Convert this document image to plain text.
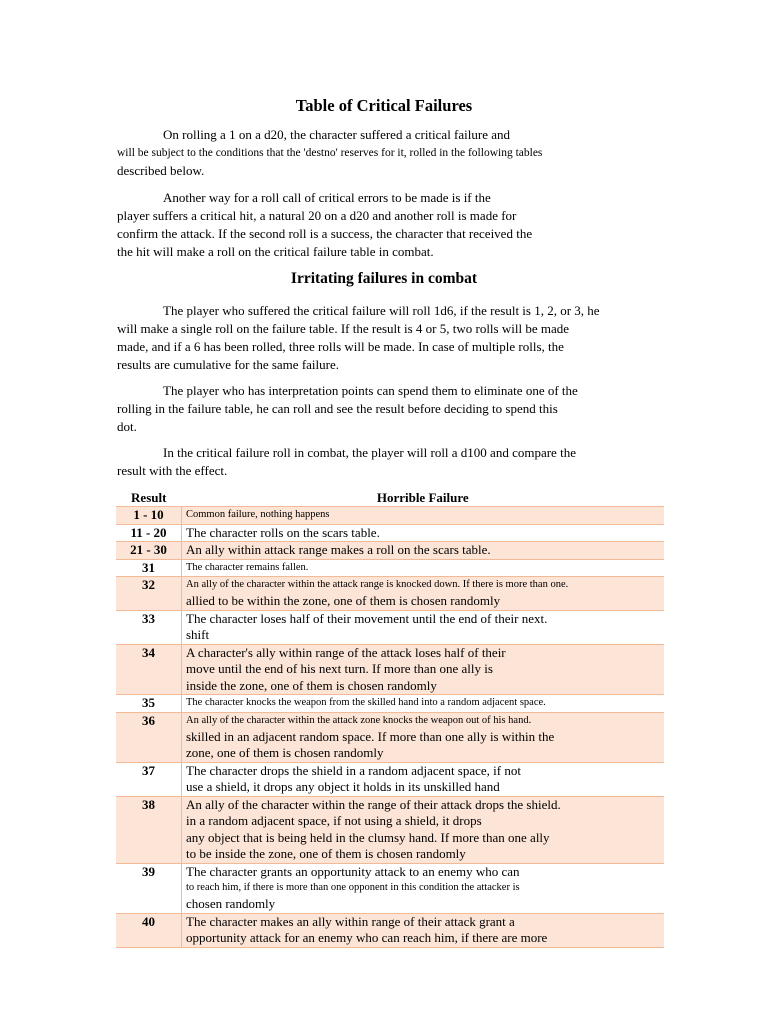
Table of Critical Failures

On rolling a 1 on a d20, the character suffered a critical failure and

will be subject to the conditions that the 'destno' reserves for it, rolled in the following tables

described below.

Another way for a roll call of critical errors to be made is if the

player suffers a critical hit, a natural 20 on a d20 and another roll is made for

confirm the attack. If the second roll is a success, the character that received the

the hit will make a roll on the critical failure table in combat.

Irritating failures in combat

The player who suffered the critical failure will roll 1d6, if the result is 1, 2, or 3, he

will make a single roll on the failure table. If the result is 4 or 5, two rolls will be made

made, and if a 6 has been rolled, three rolls will be made. In case of multiple rolls, the

results are cumulative for the same failure.

The player who has interpretation points can spend them to eliminate one of the

rolling in the failure table, he can roll and see the result before deciding to spend this

dot.

In the critical failure roll in combat, the player will roll a d100 and compare the

result with the effect.

Result	Horrible Failure
1 - 10	Common failure, nothing happens

11 - 20	The character rolls on the scars table.

21 - 30	An ally within attack range makes a roll on the scars table.

31	The character remains fallen.

32	An ally of the character within the attack range is knocked down. If there is more than one.
allied to be within the zone, one of them is chosen randomly

33	The character loses half of their movement until the end of their next.
shift

34	A character's ally within range of the attack loses half of their
move until the end of his next turn. If more than one ally is
inside the zone, one of them is chosen randomly

35	The character knocks the weapon from the skilled hand into a random adjacent space.

36	An ally of the character within the attack zone knocks the weapon out of his hand.
skilled in an adjacent random space. If more than one ally is within the
zone, one of them is chosen randomly

37	The character drops the shield in a random adjacent space, if not
use a shield, it drops any object it holds in its unskilled hand

38	An ally of the character within the range of their attack drops the shield.
in a random adjacent space, if not using a shield, it drops
any object that is being held in the clumsy hand. If more than one ally
to be inside the zone, one of them is chosen randomly

39	The character grants an opportunity attack to an enemy who can
to reach him, if there is more than one opponent in this condition the attacker is
chosen randomly

40	The character makes an ally within range of their attack grant a
opportunity attack for an enemy who can reach him, if there are more
